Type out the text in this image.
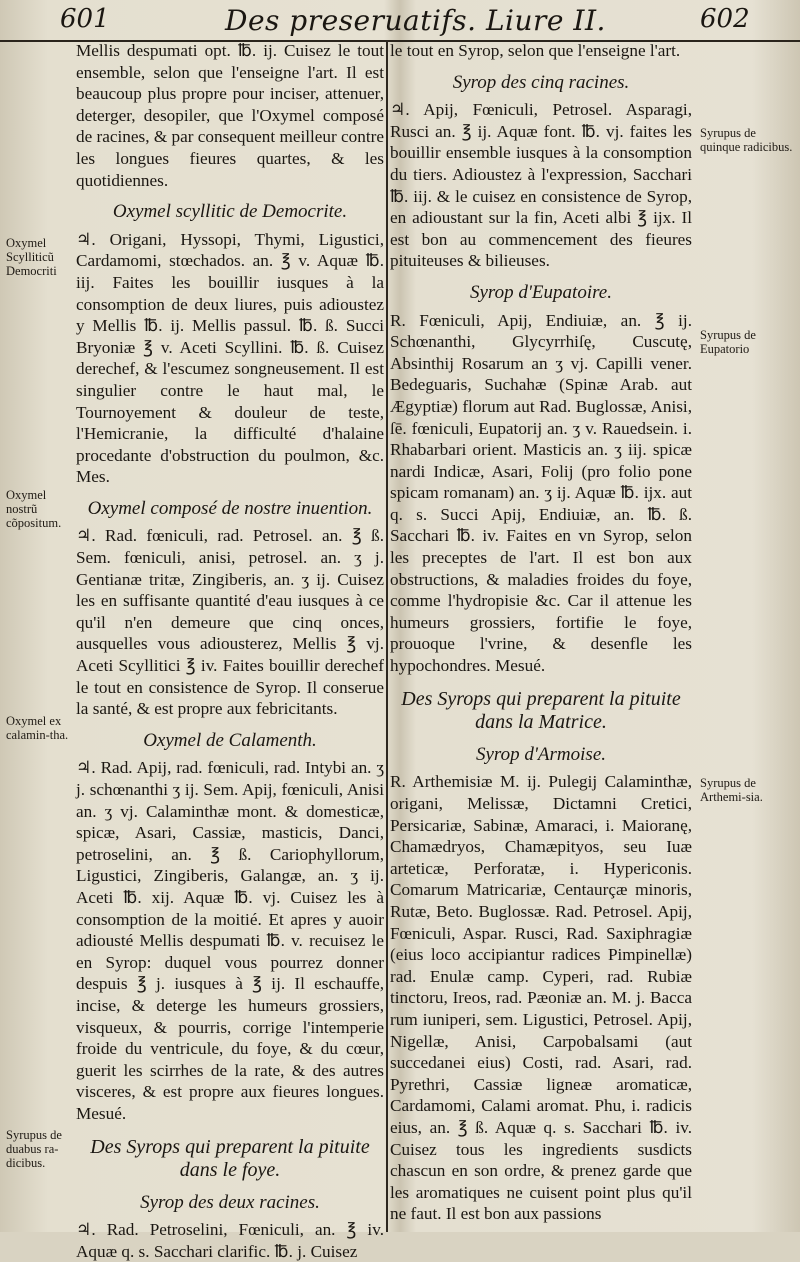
601	Des preseruatifs. Liure II.	602

Mellis despumati opt. ℔. ij. Cuisez le tout ensemble, selon que l'enseigne l'art. Il est beaucoup plus propre pour inciser, attenuer, deterger, desopiler, que l'Oxymel composé de racines, & par consequent meilleur contre les longues fieures quartes, & les quotidiennes.

Oxymel scyllitic de Democrite.

♃. Origani, Hyssopi, Thymi, Ligustici, Cardamomi, stœchados. an. ℥ v. Aquæ ℔. iij. Faites les bouillir iusques à la consomption de deux liures, puis adioustez y Mellis ℔. ij. Mellis passul. ℔. ß. Succi Bryoniæ ℥ v. Aceti Scyllini. ℔. ß. Cuisez derechef, & l'escumez songneusement. Il est singulier contre le haut mal, le Tournoyement & douleur de teste, l'Hemicranie, la difficulté d'halaine procedante d'obstruction du poulmon, &c. Mes.

Oxymel composé de nostre inuention.

♃. Rad. fœniculi, rad. Petrosel. an. ℥ ß. Sem. fœniculi, anisi, petrosel. an. ʒ j. Gentianæ tritæ, Zingiberis, an. ʒ ij. Cuisez les en suffisante quantité d'eau iusques à ce qu'il n'en demeure que cinq onces, ausquelles vous adiousterez, Mellis ℥ vj. Aceti Scyllitici ℥ iv. Faites bouillir derechef le tout en consistence de Syrop. Il conserue la santé, & est propre aux febricitants.

Oxymel de Calamenth.

♃. Rad. Apij, rad. fœniculi, rad. Intybi an. ʒ j. schœnanthi ʒ ij. Sem. Apij, fœniculi, Anisi an. ʒ vj. Calaminthæ mont. & domesticæ, spicæ, Asari, Cassiæ, masticis, Danci, petroselini, an. ℥ ß. Cariophyllorum, Ligustici, Zingiberis, Galangæ, an. ʒ ij. Aceti ℔. xij. Aquæ ℔. vj. Cuisez les à consomption de la moitié. Et apres y auoir adiousté Mellis despumati ℔. v. recuisez le en Syrop: duquel vous pourrez donner despuis ℥ j. iusques à ℥ ij. Il eschauffe, incise, & deterge les humeurs grossiers, visqueux, & pourris, corrige l'intemperie froide du ventricule, du foye, & du cœur, guerit les scirrhes de la rate, & des autres visceres, & est propre aux fieures longues. Mesué.

Des Syrops qui preparent la pituite
dans le foye.
Syrop des deux racines.

♃. Rad. Petroselini, Fœniculi, an. ℥ iv. Aquæ q. s. Sacchari clarific. ℔. j. Cuisez

le tout en Syrop, selon que l'enseigne l'art.

Syrop des cinq racines.

♃. Apij, Fœniculi, Petrosel. Asparagi, Rusci an. ℥ ij. Aquæ font. ℔. vj. faites les bouillir ensemble iusques à la consomption du tiers. Adioustez à l'expression, Sacchari ℔. iij. & le cuisez en consistence de Syrop, en adioustant sur la fin, Aceti albi ℥ ijx. Il est bon au commencement des fieures pituiteuses & bilieuses.

Syrop d'Eupatoire.

R. Fœniculi, Apij, Endiuiæ, an. ℥ ij. Schœnanthi, Glycyrrhiſę, Cuscutę, Absinthij Rosarum an ʒ vj. Capilli vener. Bedeguaris, Suchahæ (Spinæ Arab. aut Ægyptiæ) florum aut Rad. Buglossæ, Anisi, ſē. fœniculi, Eupatorij an. ʒ v. Rauedsein. i. Rhabarbari orient. Masticis an. ʒ iij. spicæ nardi Indicæ, Asari, Folij (pro folio pone spicam romanam) an. ʒ ij. Aquæ ℔. ijx. aut q. s. Succi Apij, Endiuiæ, an. ℔. ß. Sacchari ℔. iv. Faites en vn Syrop, selon les preceptes de l'art. Il est bon aux obstructions, & maladies froides du foye, comme l'hydropisie &c. Car il attenue les humeurs grossiers, fortifie le foye, prouoque l'vrine, & desenfle les hypochondres. Mesué.

Des Syrops qui preparent la pituite
dans la Matrice.
Syrop d'Armoise.

R. Arthemisiæ M. ij. Pulegij Calaminthæ, origani, Melissæ, Dictamni Cretici, Persicariæ, Sabinæ, Amaraci, i. Maioranę, Chamædryos, Chamæpityos, seu Iuæ arteticæ, Perforatæ, i. Hypericonis. Comarum Matricariæ, Centaurçæ minoris, Rutæ, Beto. Buglossæ. Rad. Petrosel. Apij, Fœniculi, Aspar. Rusci, Rad. Saxiphragiæ (eius loco accipiantur radices Pimpinellæ) rad. Enulæ camp. Cyperi, rad. Rubiæ tinctoru, Ireos, rad. Pæoniæ an. M. j. Bacca rum iuniperi, sem. Ligustici, Petrosel. Apij, Nigellæ, Anisi, Carpobalsami (aut succedanei eius) Costi, rad. Asari, rad. Pyrethri, Cassiæ ligneæ aromaticæ, Cardamomi, Calami aromat. Phu, i. radicis eius, an. ℥ ß. Aquæ q. s. Sacchari ℔. iv. Cuisez tous les ingredients susdicts chascun en son ordre, & prenez garde que les aromatiques ne cuisent point plus qu'il ne faut. Il est bon aux passions

Oxymel Scylliticũ Democriti
Oxymel nostrũ cõpositum.
Oxymel ex calamin-tha.
Syrupus de duabus ra-dicibus.
Syrupus de quinque radicibus.
Syrupus de Eupatorio
Syrupus de Arthemi-sia.
